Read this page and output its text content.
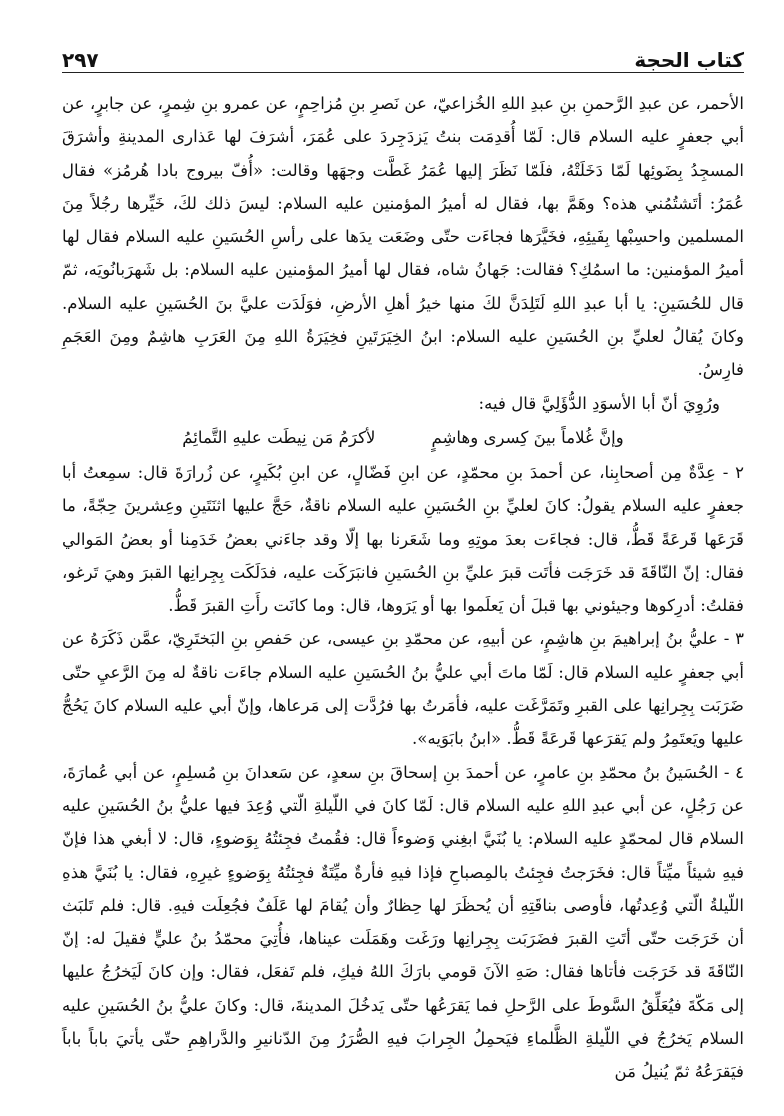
كتاب الحجة
٢٩٧

الأحمر، عن عبدِ الرَّحمنِ بنِ عبدِ اللهِ الخُزاعيّ، عن نَصرِ بنِ مُزاحِمٍ، عن عمرو بنِ شِمرٍ، عن جابرٍ، عن أبي جعفرٍ عليه السلام قال: لَمّا أُقدِمَت بنتُ يَزدَجِردَ على عُمَرَ، أشرَفَ لها عَذارى المدينةِ وأشرَقَ المسجِدُ بِضَوئِها لَمّا دَخَلَتْهُ، فلَمّا نَظَرَ إليها عُمَرُ غَطَّت وجهَها وقالت: «أُفّ بيروج بادا هُرمُز» فقال عُمَرُ: أتَشتُمُني هذه؟ وهَمَّ بها، فقال له أميرُ المؤمنين عليه السلام: ليسَ ذلك لكَ، خَيِّرها رجُلاً مِنَ المسلمين واحسِبْها بِفَيئِهِ، فخَيَّرَها فجاءَت حتّى وضَعَت يدَها على رأسِ الحُسَينِ عليه السلام فقال لها أميرُ المؤمنين: ما اسمُكِ؟ فقالت: جَهانُ شاه، فقال لها أميرُ المؤمنين عليه السلام: بل شَهرَبانُويَه، ثمّ قال للحُسَينِ: يا أبا عبدِ اللهِ لَتَلِدَنَّ لكَ منها خيرُ أهلِ الأرضِ، فوَلَدَت عليَّ بنَ الحُسَينِ عليه السلام. وكانَ يُقالُ لعليِّ بنِ الحُسَينِ عليه السلام: ابنُ الخِيَرَتَينِ فخِيَرَةُ اللهِ مِنَ العَرَبِ هاشِمٌ ومِنَ العَجَمِ فارِسُ.

ورُوِيَ أنّ أبا الأسوَدِ الدُّؤَلِيَّ قال فيه:

وإنَّ غُلاماً بينَ كِسرى وهاشِمٍ
لأكرَمُ مَن نِيطَت عليهِ التَّمائِمُ

٢ - عِدَّةٌ مِن أصحابِنا، عن أحمدَ بنِ محمّدٍ، عن ابنِ فَضّالٍ، عن ابنِ بُكَيرٍ، عن زُرارَةَ قال: سمِعتُ أبا جعفرٍ عليه السلام يقولُ: كانَ لعليِّ بنِ الحُسَينِ عليه السلام ناقةٌ، حَجَّ عليها اثنَتَينِ وعِشرينَ حِجّةً، ما قَرَعَها قَرعَةً قَطُّ، قال: فجاءَت بعدَ موتِهِ وما شَعَرنا بها إلّا وقد جاءَني بعضُ خَدَمِنا أو بعضُ المَوالي فقال: إنّ النّاقَةَ قد خَرَجَت فأتَت قبرَ عليِّ بنِ الحُسَينِ فانبَرَكَت عليه، فدَلَكَت بِجِرانِها القبرَ وهيَ تَرغو، فقلتُ: أدرِكوها وجيئوني بها قبلَ أن يَعلَموا بها أو يَرَوها، قال: وما كانَت رأَتِ القبرَ قَطُّ.

٣ - عليُّ بنُ إبراهيمَ بنِ هاشِمٍ، عن أبيهِ، عن محمّدِ بنِ عيسى، عن حَفصِ بنِ البَختَرِيّ، عمَّن ذَكَرَهُ عن أبي جعفرٍ عليه السلام قال: لَمّا ماتَ أبي عليُّ بنُ الحُسَينِ عليه السلام جاءَت ناقةٌ له مِنَ الرَّعيِ حتّى ضَرَبَت بِجِرانِها على القبرِ وتَمَرَّغَت عليه، فأمَرتُ بها فرُدَّت إلى مَرعاها، وإنّ أبي عليه السلام كانَ يَحُجُّ عليها ويَعتَمِرُ ولم يَقرَعها قَرعَةً قَطُّ. «ابنُ بابَوَيه».

٤ - الحُسَينُ بنُ محمّدِ بنِ عامرٍ، عن أحمدَ بنِ إسحاقَ بنِ سعدٍ، عن سَعدانَ بنِ مُسلِمٍ، عن أبي عُمارَةَ، عن رَجُلٍ، عن أبي عبدِ اللهِ عليه السلام قال: لَمّا كانَ في اللّيلةِ الّتي وُعِدَ فيها عليُّ بنُ الحُسَينِ عليه السلام قال لمحمّدٍ عليه السلام: يا بُنَيَّ ابغِني وَضوءاً قال: فقُمتُ فجِئتُهُ بِوَضوءٍ، قال: لا أبغي هذا فإنّ فيهِ شيئاً ميِّتاً قال: فخَرَجتُ فجِئتُ بالمِصباحِ فإذا فيهِ فأرةٌ ميِّتَةٌ فجِئتُهُ بِوَضوءٍ غيرِهِ، فقال: يا بُنَيَّ هذهِ اللّيلةُ الّتي وُعِدتُها، فأوصى بناقَتِهِ أن يُحظَرَ لها حِظارٌ وأن يُقامَ لها عَلَفٌ فجُعِلَت فيهِ. قال: فلم تَلبَث أن خَرَجَت حتّى أتَتِ القبرَ فضَرَبَت بِجِرانِها ورَغَت وهَمَلَت عيناها، فأُتِيَ محمّدُ بنُ عليٍّ فقيلَ له: إنّ النّاقَةَ قد خَرَجَت فأتاها فقال: صَهِ الآنَ قومي بارَكَ اللهُ فيكِ، فلم تَفعَل، فقال: وإن كانَ لَيَخرُجُ عليها إلى مَكّةَ فيُعَلِّقُ السَّوطَ على الرَّحلِ فما يَقرَعُها حتّى يَدخُلَ المدينةَ، قال: وكانَ عليُّ بنُ الحُسَينِ عليه السلام يَخرُجُ في اللّيلةِ الظَّلماءِ فيَحمِلُ الجِرابَ فيهِ الصُّرَرُ مِنَ الدّنانيرِ والدَّراهِمِ حتّى يأتيَ باباً باباً فيَقرَعُهُ ثمّ يُنيلُ مَن
